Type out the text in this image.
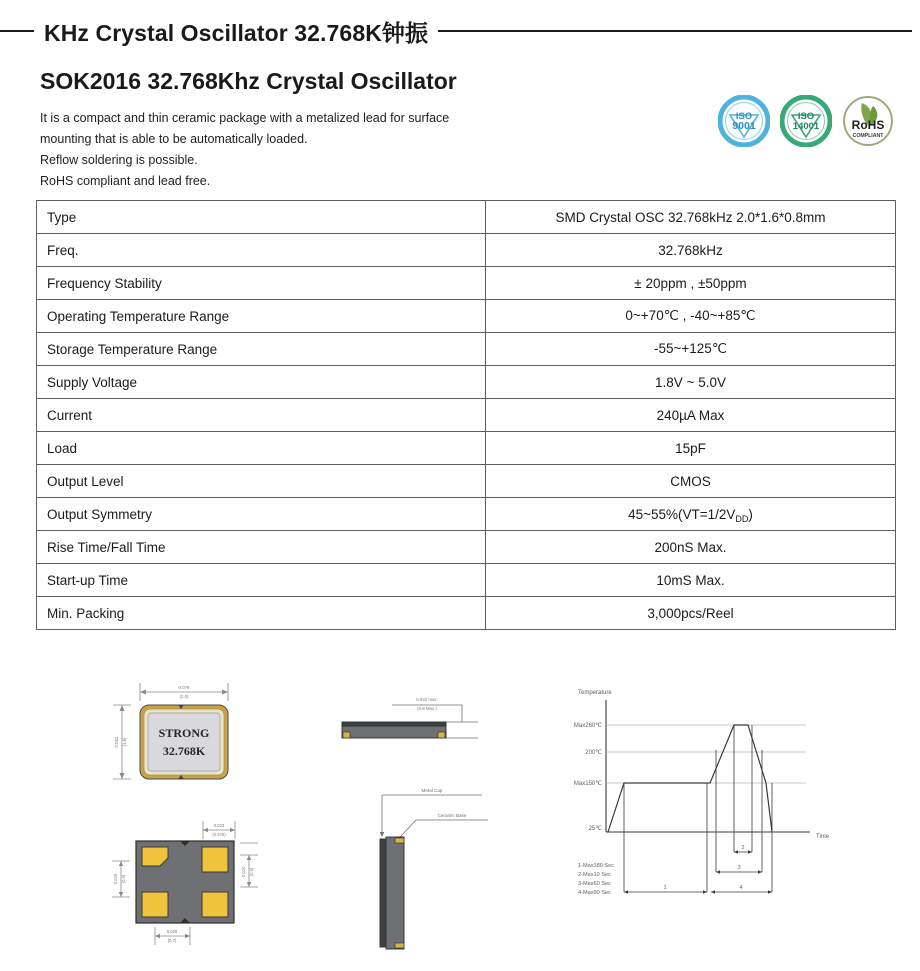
KHz Crystal Oscillator 32.768K钟振
SOK2016 32.768Khz Crystal Oscillator

It is a compact and thin ceramic package with a metalized lead for surface

mounting that is able to be automatically loaded.

Reflow soldering is possible.

RoHS compliant and lead free.

ISO
9001
ISO
14001	RoHS
COMPLIANT
Type	SMD Crystal OSC 32.768kHz 2.0*1.6*0.8mm
Freq.	32.768kHz
Frequency Stability	± 20ppm , ±50ppm
Operating Temperature Range	0~+70℃ , -40~+85℃
Storage Temperature Range	-55~+125℃
Supply Voltage	1.8V ~ 5.0V
Current	240µA Max
Load	15pF
Output Level	CMOS
Output Symmetry	$45\sim 55\%(VT=1/2V_{DD})$
Rise Time/Fall Time	200nS Max.
Start-up Time	10mS Max.
Min. Packing	3,000pcs/Reel
0.079
(2.0)
0.063 (1.6)
STRONG
32.768K
0.023
(0.575)
0.020 (0.5)
0.024 (0.6)
0.028
(0.7)
0.032 max.
(0.8 Max.)
Metal Cap
Ceramic Base
Temperature
Time
Max260℃
200℃
Max150℃
25℃
2
3
1	4
1-Max180 Sec
2-Max10 Sec
3-Max60 Sec
4-Max90 Sec
